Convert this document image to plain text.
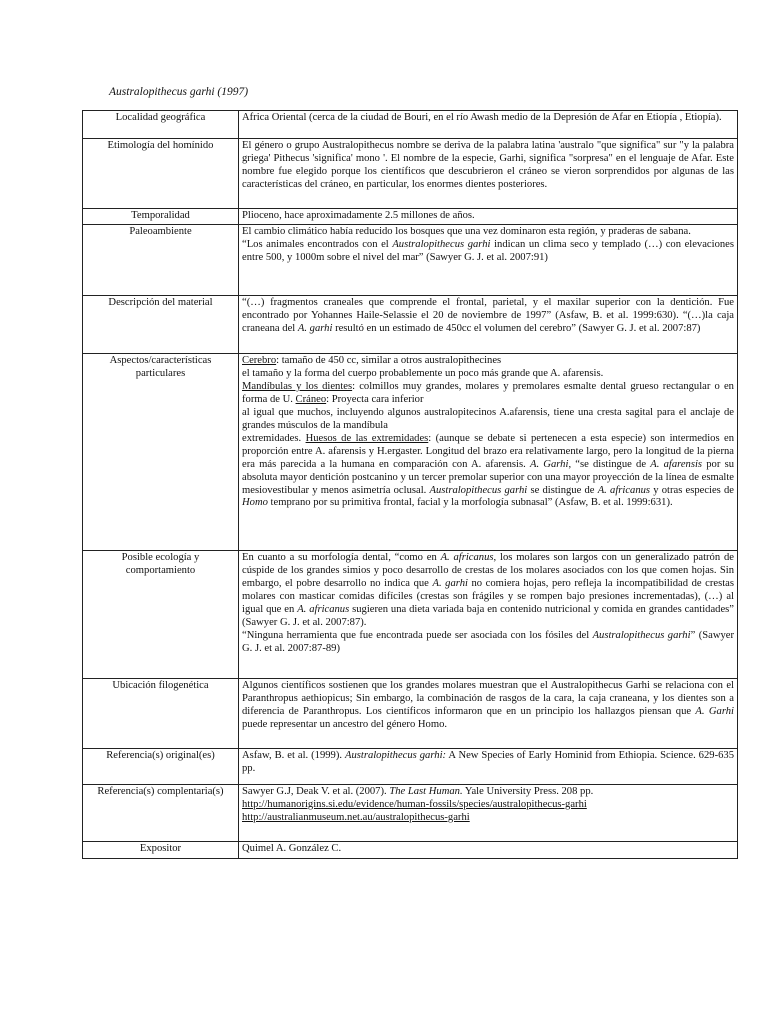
Australopithecus garhi (1997)
Localidad geográfica	Africa Oriental (cerca de la ciudad de Bouri, en el río Awash medio de la Depresión de Afar en Etiopía , Etiopía).
Etimología del homínido	El género o grupo Australopithecus nombre se deriva de la palabra latina 'australo "que significa" sur "y la palabra griega' Pithecus 'significa' mono '. El nombre de la especie, Garhi, significa "sorpresa" en el lenguaje de Afar. Este nombre fue elegido porque los científicos que descubrieron el cráneo se vieron sorprendidos por algunas de las características del cráneo, en particular, los enormes dientes posteriores.
Temporalidad	Plioceno, hace aproximadamente 2.5 millones de años.
Paleoambiente	El cambio climático había reducido los bosques que una vez dominaron esta región, y praderas de sabana.
“Los animales encontrados con el Australopithecus garhi indican un clima seco y templado (…) con elevaciones entre 500, y 1000m sobre el nivel del mar” (Sawyer G. J. et al. 2007:91)

Descripción del material	“(…) fragmentos craneales que comprende el frontal, parietal, y el maxilar superior con la dentición. Fue encontrado por Yohannes Haile-Selassie el 20 de noviembre de 1997” (Asfaw, B. et al. 1999:630). “(…)la caja craneana del A. garhi resultó en un estimado de 450cc el volumen del cerebro” (Sawyer G. J. et al. 2007:87)
Aspectos/características particulares	Cerebro: tamaño de 450 cc, similar a otros australopithecines
el tamaño y la forma del cuerpo probablemente un poco más grande que A. afarensis.
Mandíbulas y los dientes: colmillos muy grandes, molares y premolares esmalte dental grueso rectangular o en forma de U. Cráneo: Proyecta cara inferior
al igual que muchos, incluyendo algunos australopitecinos A.afarensis, tiene una cresta sagital para el anclaje de grandes músculos de la mandíbula
extremidades. Huesos de las extremidades: (aunque se debate si pertenecen a esta especie) son intermedios en proporción entre A. afarensis y H.ergaster. Longitud del brazo era relativamente largo, pero la longitud de la pierna era más parecida a la humana en comparación con A. afarensis. A. Garhi, “se distingue de A. afarensis por su absoluta mayor dentición postcanino y un tercer premolar superior con una mayor proyección de la línea de esmalte mesiovestibular y menos asimetría oclusal. Australopithecus garhi se distingue de A. africanus y otras especies de Homo temprano por su primitiva frontal, facial y la morfología subnasal” (Asfaw, B. et al. 1999:631).

Posible ecología y comportamiento	En cuanto a su morfología dental, “como en A. africanus, los molares son largos con un generalizado patrón de cúspide de los grandes simios y poco desarrollo de crestas de los molares asociados con los que comen hojas. Sin embargo, el pobre desarrollo no indica que A. garhi no comiera hojas, pero refleja la incompatibilidad de crestas molares con masticar comidas difíciles (crestas son frágiles y se rompen bajo presiones incrementadas), (…) al igual que en A. africanus sugieren una dieta variada baja en contenido nutricional y comida en grandes cantidades” (Sawyer G. J. et al. 2007:87).
“Ninguna herramienta que fue encontrada puede ser asociada con los fósiles del Australopithecus garhi” (Sawyer G. J. et al. 2007:87-89)

Ubicación filogenética	Algunos científicos sostienen que los grandes molares muestran que el Australopithecus Garhi se relaciona con el Paranthropus aethiopicus; Sin embargo, la combinación de rasgos de la cara, la caja craneana, y los dientes son a diferencia de Paranthropus. Los científicos informaron que en un principio los hallazgos piensan que A. Garhi puede representar un ancestro del género Homo.
Referencia(s) original(es)	Asfaw, B. et al. (1999). Australopithecus garhi: A New Species of Early Hominid from Ethiopia. Science. 629-635 pp.
Referencia(s) complentaria(s)	Sawyer G.J, Deak V. et al. (2007). The Last Human. Yale University Press. 208 pp.
http://humanorigins.si.edu/evidence/human-fossils/species/australopithecus-garhi
http://australianmuseum.net.au/australopithecus-garhi

Expositor	Quimel A. González C.
